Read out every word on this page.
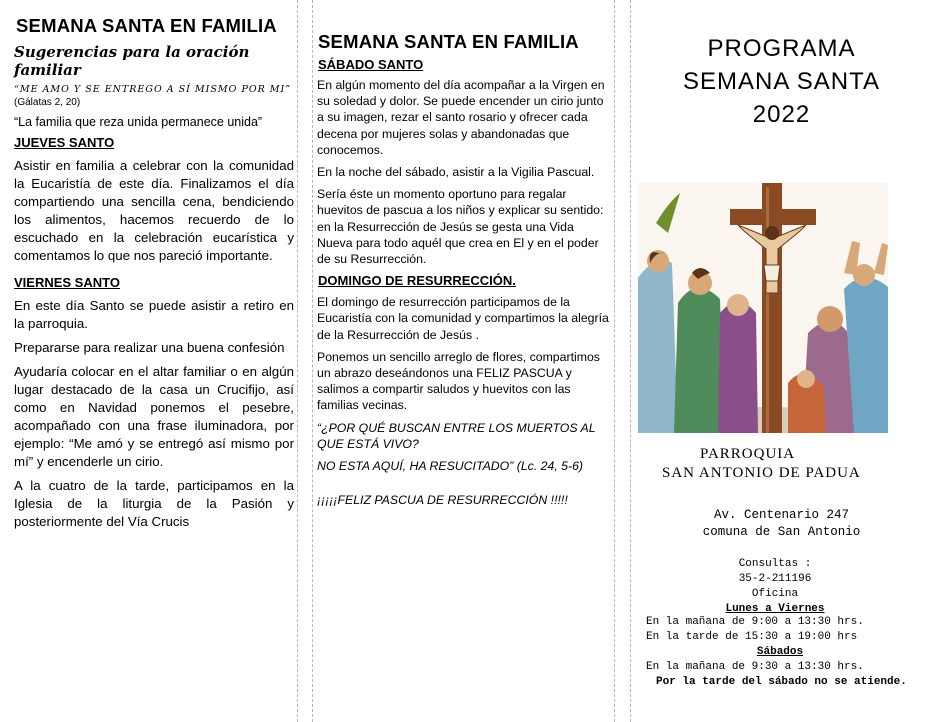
SEMANA SANTA EN FAMILIA
Sugerencias para la oración familiar
“ME AMO Y SE ENTREGO A SÍ MISMO POR MI” (Gálatas 2, 20)
“La familia que reza unida permanece unida”
JUEVES SANTO
Asistir en familia a celebrar con la comunidad la Eucaristía de este día. Finalizamos el día compartiendo una sencilla cena, bendiciendo los alimentos, hacemos recuerdo de lo escuchado en la celebración eucarística y comentamos lo que nos pareció importante.
VIERNES SANTO
En este día Santo se puede asistir a retiro en la parroquia.
Prepararse para realizar una buena confesión
Ayudaría colocar en el altar familiar o en algún lugar destacado de la casa un Crucifijo, así como en Navidad ponemos el pesebre, acompañado con una frase iluminadora, por ejemplo: “Me amó y se entregó así mismo por mí” y encenderle un cirio.
A la cuatro de la tarde, participamos en la Iglesia de la liturgia de la Pasión y posteriormente del Vía Crucis
SEMANA SANTA EN FAMILIA
SÁBADO SANTO
En algún momento del día acompañar a la Virgen en su soledad y dolor. Se puede encender un cirio junto a su imagen, rezar el santo rosario y ofrecer cada decena por mujeres solas y abandonadas que conocemos.
En la noche del sábado, asistir a la Vigilia Pascual.
Sería éste un momento oportuno para regalar huevitos de pascua a los niños y explicar su sentido: en la Resurrección de Jesús se gesta una Vida Nueva para todo aquél que crea en El y en el poder de su Resurrección.
DOMINGO DE RESURRECCIÓN.
El domingo de resurrección participamos de la Eucaristía con la comunidad y compartimos la alegría de la Resurrección de Jesús .
Ponemos un sencillo arreglo de flores, compartimos un abrazo deseándonos una FELIZ PASCUA y salimos a compartir saludos y huevitos con las familias vecinas.
“¿POR QUÉ BUSCAN ENTRE LOS MUERTOS AL QUE ESTÁ VIVO?
NO ESTA AQUÍ, HA RESUCITADO” (Lc. 24, 5-6)
¡¡¡¡¡FELIZ PASCUA DE RESURRECCIÓN !!!!!
PROGRAMA
SEMANA SANTA
2022
PARROQUIA
SAN ANTONIO DE PADUA
Av. Centenario 247
comuna de San Antonio
Consultas :
35-2-211196
Oficina
Lunes a Viernes
En la mañana de 9:00 a 13:30 hrs.
En la tarde de 15:30 a 19:00 hrs
Sábados
En la mañana de 9:30 a 13:30 hrs.
Por la tarde del sábado no se atiende.
